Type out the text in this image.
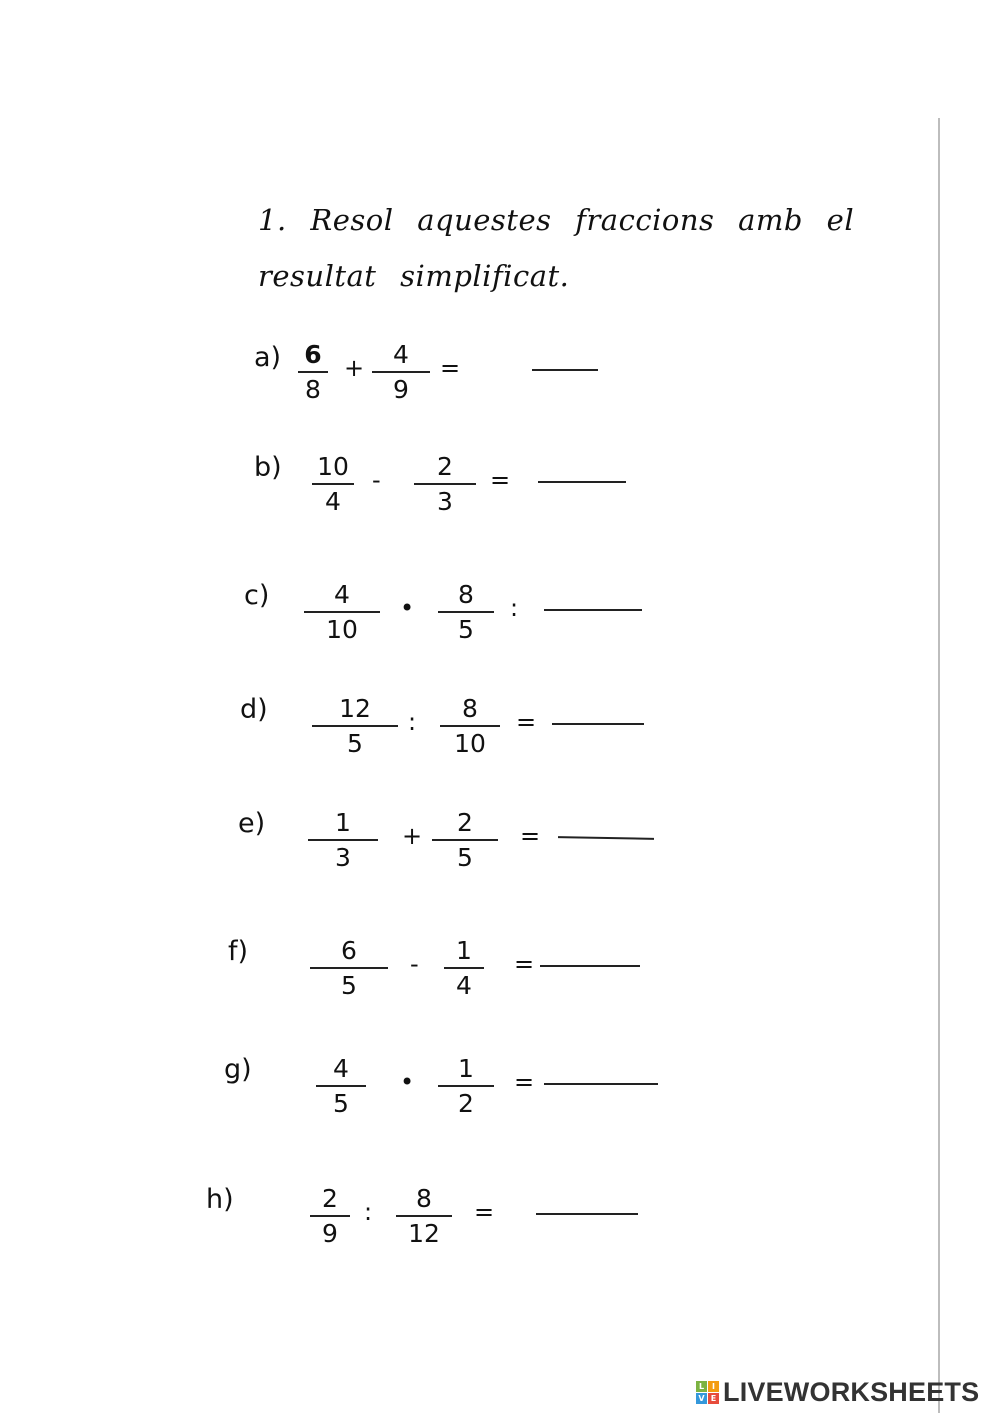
1. Resol aquestes fraccions amb el resultat simplificat.
a) 6
8
+	4
9
=
b) 10
4
-	2
3
=
c)	4
10
•	8
5
:
d)	12
5
:	8
10
=
e)	1
3
+	2
5
=
f)	6
5
-	1
4
=
g)	4
5
•	1
2
=
h)	2
9
:	8
12
=
L I
V E LIVEWORKSHEETS
